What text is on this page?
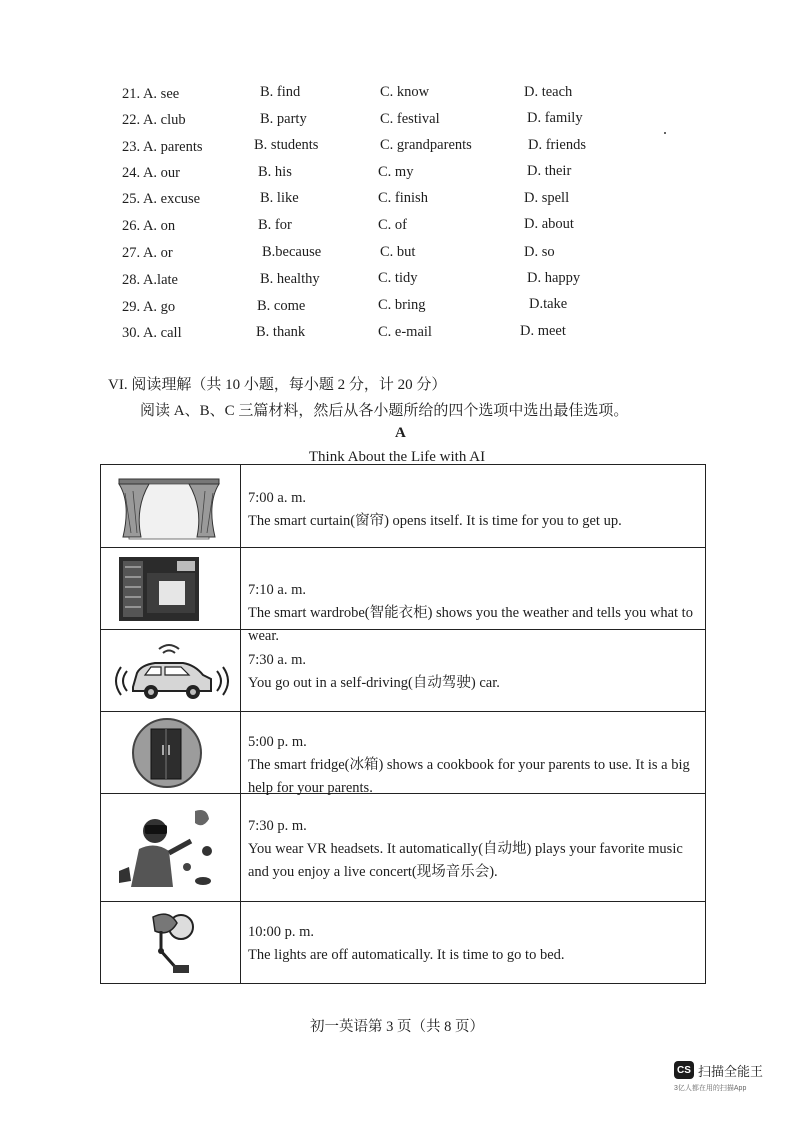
21. A. see	B. find	C. know	D. teach
22. A. club	B. party	C. festival	D. family
23. A. parents	B. students	C. grandparents	D. friends
24. A. our	B. his	C. my	D. their
25. A. excuse	B. like	C. finish	D. spell
26. A. on	B. for	C. of	D. about
27. A. or	B.because	C. but	D. so
28. A.late	B. healthy	C. tidy	D. happy
29. A. go	B. come	C. bring	D.take
30. A. call	B. thank	C. e-mail	D. meet
VI. 阅读理解（共 10 小题，每小题 2 分，计 20 分）
阅读 A、B、C 三篇材料，然后从各小题所给的四个选项中选出最佳选项。
A
Think About the Life with AI
7:00 a. m.
The smart curtain(窗帘) opens itself. It is time for you to get up.
7:10 a. m.
The smart wardrobe(智能衣柜) shows you the weather and tells you what to wear.
7:30 a. m.
You go out in a self-driving(自动驾驶) car.
5:00 p. m.
The smart fridge(冰箱) shows a cookbook for your parents to use. It is a big help for your parents.
7:30 p. m.
You wear VR headsets. It automatically(自动地) plays your favorite music and you enjoy a live concert(现场音乐会).
10:00 p. m.
The lights are off automatically. It is time to go to bed.
初一英语第 3 页（共 8 页）
CS 扫描全能王
3亿人都在用的扫描App
